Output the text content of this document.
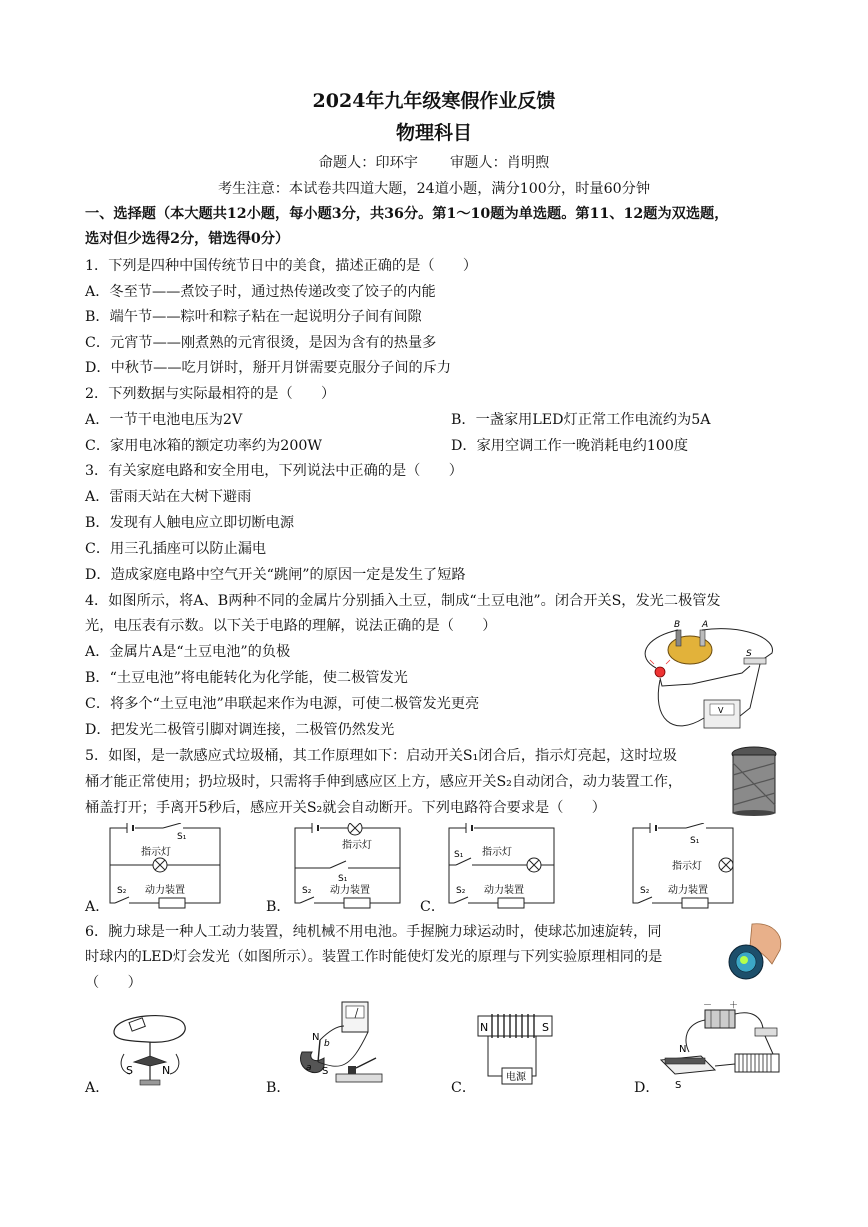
2024年九年级寒假作业反馈
物理科目
命题人：印环宇 审题人：肖明煦
考生注意：本试卷共四道大题，24道小题，满分100分，时量60分钟
一、选择题（本大题共12小题，每小题3分，共36分。第1～10题为单选题。第11、12题为双选题，
选对但少选得2分，错选得0分）
1．下列是四种中国传统节日中的美食，描述正确的是（　　）
A．冬至节——煮饺子时，通过热传递改变了饺子的内能
B．端午节——粽叶和粽子粘在一起说明分子间有间隙
C．元宵节——刚煮熟的元宵很烫，是因为含有的热量多
D．中秋节——吃月饼时，掰开月饼需要克服分子间的斥力
2．下列数据与实际最相符的是（　　）
A．一节干电池电压为2V	B．一盏家用LED灯正常工作电流约为5A
C．家用电冰箱的额定功率约为200W	D．家用空调工作一晚消耗电约100度
3．有关家庭电路和安全用电，下列说法中正确的是（　　）
A．雷雨天站在大树下避雨
B．发现有人触电应立即切断电源
C．用三孔插座可以防止漏电
D．造成家庭电路中空气开关“跳闸”的原因一定是发生了短路
4．如图所示，将A、B两种不同的金属片分别插入土豆，制成“土豆电池”。闭合开关S，发光二极管发
光，电压表有示数。以下关于电路的理解，说法正确的是（　　）
A．金属片A是“土豆电池”的负极
B．“土豆电池”将电能转化为化学能，使二极管发光
C．将多个“土豆电池”串联起来作为电源，可使二极管发光更亮
D．把发光二极管引脚对调连接，二极管仍然发光
B A
S
V
5．如图，是一款感应式垃圾桶，其工作原理如下：启动开关S₁闭合后，指示灯亮起，这时垃圾
桶才能正常使用；扔垃圾时，只需将手伸到感应区上方，感应开关S₂自动闭合，动力装置工作，
桶盖打开；手离开5秒后，感应开关S₂就会自动断开。下列电路符合要求是（　　）
S₁
指示灯
S₂ 动力装置
A．
指示灯
S₁
S₂ 动力装置
B．
S₁ 指示灯
S₂ 动力装置
C．
S₁
指示灯
S₂ 动力装置
6．腕力球是一种人工动力装置，纯机械不用电池。手握腕力球运动时，使球芯加速旋转，同
时球内的LED灯会发光（如图所示）。装置工作时能使灯发光的原理与下列实验原理相同的是
（　　）
S	N
A．
N
S
b
a
B．
N	S
电源
C．
－ ＋
N
S
D．
